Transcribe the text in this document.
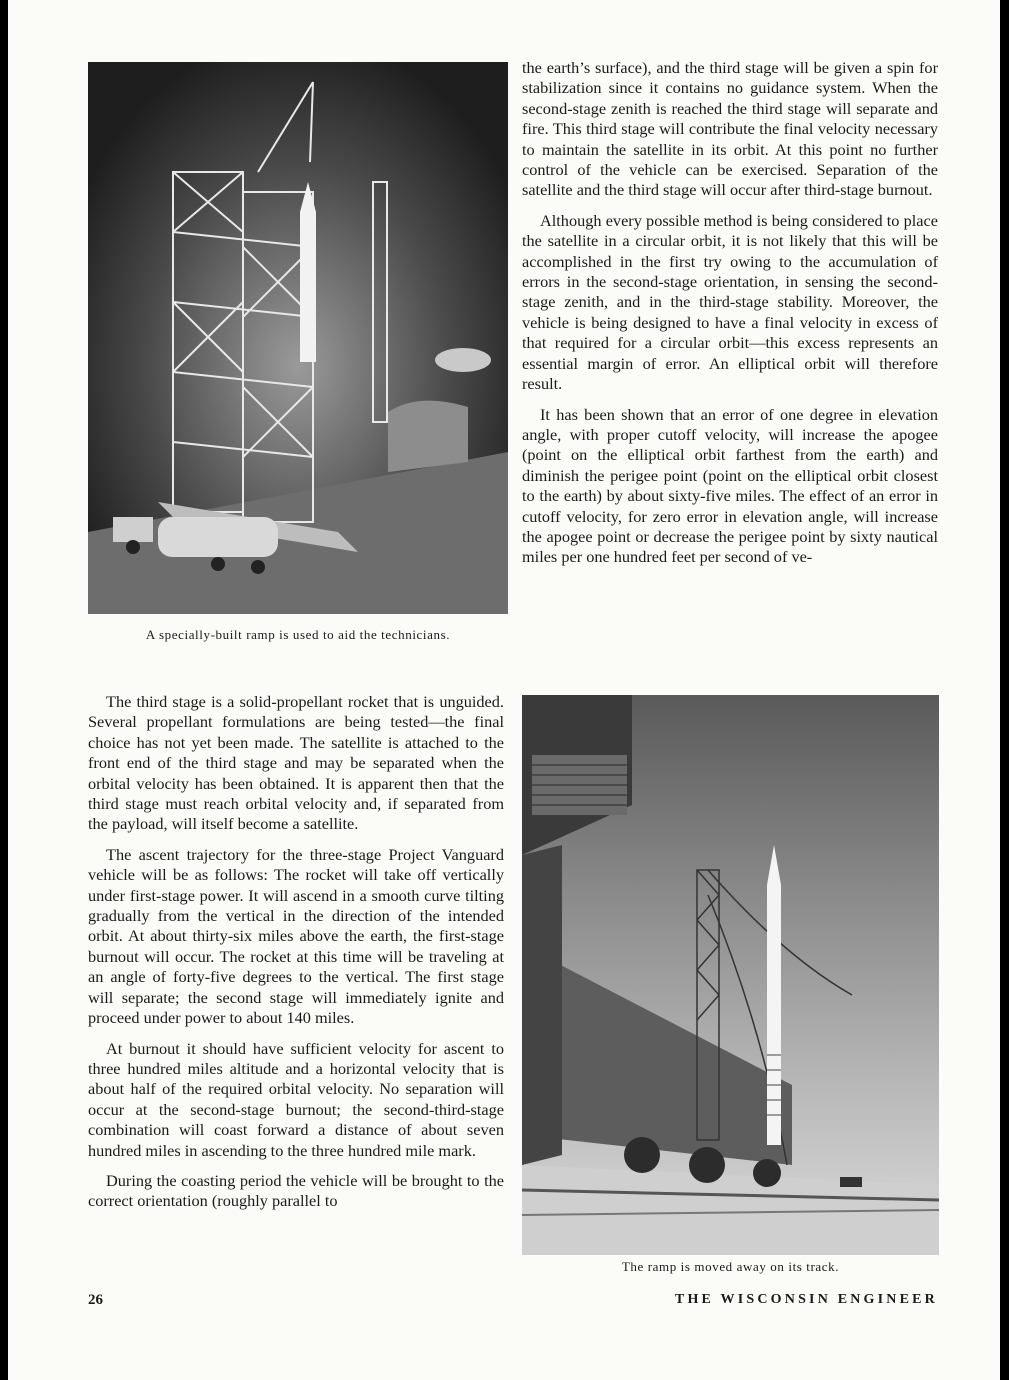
A specially-built ramp is used to aid the technicians.

the earth’s surface), and the third stage will be given a spin for stabilization since it contains no guidance system. When the second-stage zenith is reached the third stage will separate and fire. This third stage will contribute the final velocity necessary to maintain the satellite in its orbit. At this point no further control of the vehicle can be exercised. Separation of the satellite and the third stage will occur after third-stage burnout.

Although every possible method is being considered to place the satellite in a circular orbit, it is not likely that this will be accomplished in the first try owing to the accumulation of errors in the second-stage orientation, in sensing the second-stage zenith, and in the third-stage stability. Moreover, the vehicle is being designed to have a final velocity in excess of that required for a circular orbit—this excess represents an essential margin of error. An elliptical orbit will therefore result.

It has been shown that an error of one degree in elevation angle, with proper cutoff velocity, will increase the apogee (point on the elliptical orbit farthest from the earth) and diminish the perigee point (point on the elliptical orbit closest to the earth) by about sixty-five miles. The effect of an error in cutoff velocity, for zero error in elevation angle, will increase the apogee point or decrease the perigee point by sixty nautical miles per one hundred feet per second of ve-

The third stage is a solid-propellant rocket that is unguided. Several propellant formulations are being tested—the final choice has not yet been made. The satellite is attached to the front end of the third stage and may be separated when the orbital velocity has been obtained. It is apparent then that the third stage must reach orbital velocity and, if separated from the payload, will itself become a satellite.

The ascent trajectory for the three-stage Project Vanguard vehicle will be as follows: The rocket will take off vertically under first-stage power. It will ascend in a smooth curve tilting gradually from the vertical in the direction of the intended orbit. At about thirty-six miles above the earth, the first-stage burnout will occur. The rocket at this time will be traveling at an angle of forty-five degrees to the vertical. The first stage will separate; the second stage will immediately ignite and proceed under power to about 140 miles.

At burnout it should have sufficient velocity for ascent to three hundred miles altitude and a horizontal velocity that is about half of the required orbital velocity. No separation will occur at the second-stage burnout; the second-third-stage combination will coast forward a distance of about seven hundred miles in ascending to the three hundred mile mark.

During the coasting period the vehicle will be brought to the correct orientation (roughly parallel to

The ramp is moved away on its track.
26	THE WISCONSIN ENGINEER
